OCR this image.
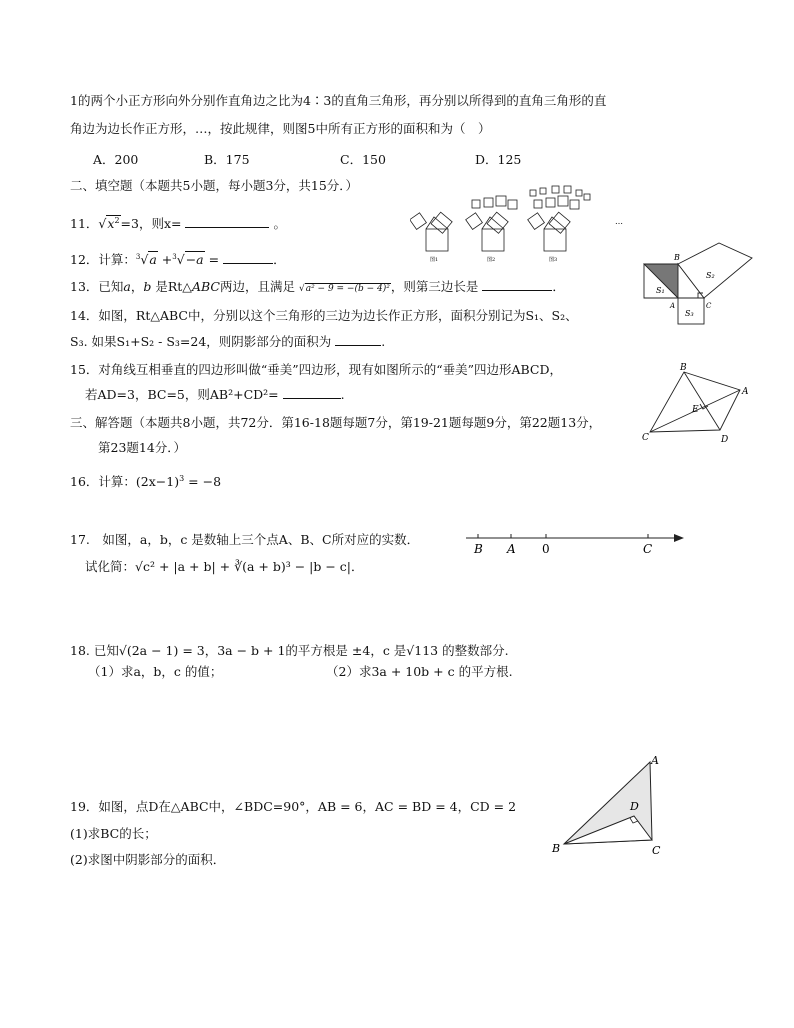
1的两个小正方形向外分别作直角边之比为4∶3的直角三角形，再分别以所得到的直角三角形的直
角边为边长作正方形，…，按此规律，则图5中所有正方形的面积和为（　）
A．200	B．175	C．150	D．125
二、填空题（本题共5小题，每小题3分，共15分．）
11．$√x^2=3$，则x=	。
图1	图2	图3
…
12．计算：$^3$√a +$^3$√−a =	．
13．已知a，b 是Rt△ABC两边，且满足 √a² − 9 = −(b − 4)²，则第三边长是	．
B
S₂
S₁
A	C
S₃
14．如图，Rt△ABC中，分别以这个三角形的三边为边长作正方形，面积分别记为S₁、S₂、
S₃. 如果S₁+S₂ - S₃=24，则阴影部分的面积为	.
15．对角线互相垂直的四边形叫做“垂美”四边形，现有如图所示的“垂美”四边形ABCD，
若AD=3，BC=5，则AB²+CD²=	.
B
A
E
C	D
三、解答题（本题共8小题，共72分．第16-18题每题7分，第19-21题每题9分，第22题13分，
第23题14分．）
16．计算：$(2x-1)^3 = -8$
17.　如图，a，b，c 是数轴上三个点A、B、C所对应的实数．
试化简：√c² + |a + b| + ∛(a + b)³ − |b − c|．
B A 0	C
18. 已知√(2a − 1) = 3，3a − b + 1的平方根是 ±4，c 是√113 的整数部分.
（1）求a，b，c 的值；	（2）求3a + 10b + c 的平方根.
19．如图，点D在△ABC中，∠BDC=90°，AB = 6，AC = BD = 4，CD = 2
(1)求BC的长；
(2)求图中阴影部分的面积．
A
D
B	C
